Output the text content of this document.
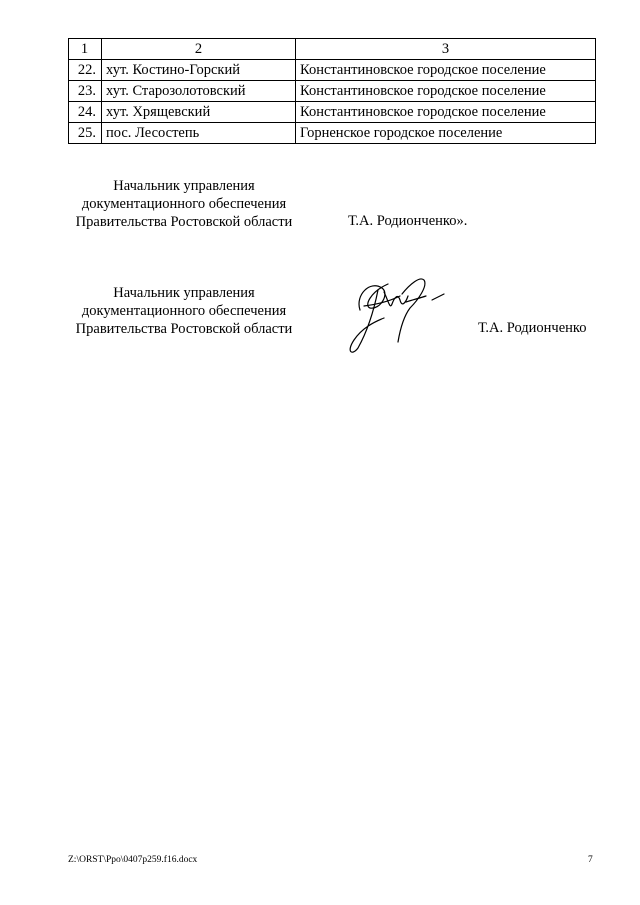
1	2	3
22.	хут. Костино-Горский	Константиновское городское поселение
23.	хут. Старозолотовский	Константиновское городское поселение
24.	хут. Хрящевский	Константиновское городское поселение
25.	пос. Лесостепь	Горненское городское поселение
Начальник управления
документационного обеспечения
Правительства Ростовской области	Т.А. Родионченко».
Начальник управления
документационного обеспечения
Правительства Ростовской области	Т.А. Родионченко
Z:\ORST\Ppo\0407p259.f16.docx	7
